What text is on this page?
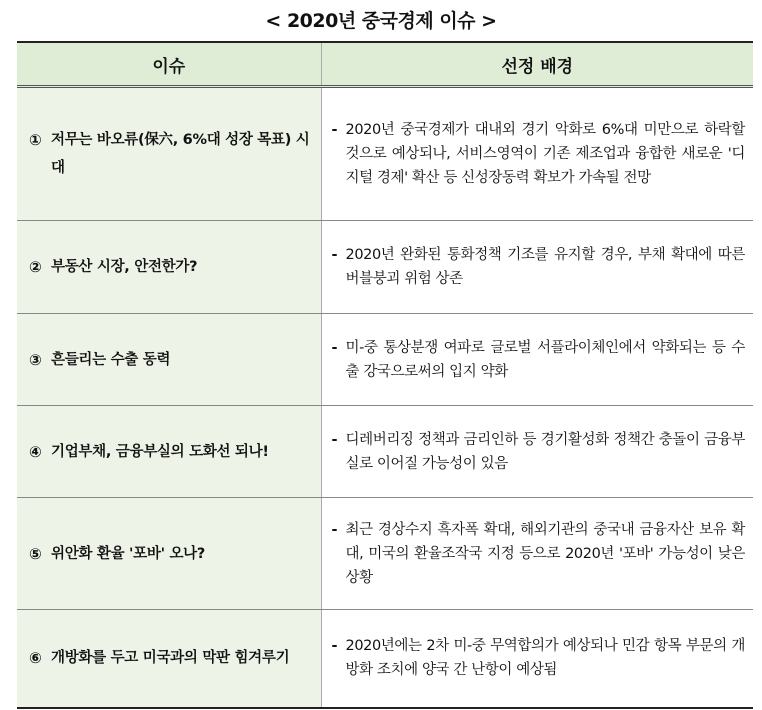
< 2020년 중국경제 이슈 >
이슈	선정 배경

① 저무는 바오류(保六, 6%대 성장 목표) 시대	- 2020년 중국경제가 대내외 경기 악화로 6%대 미만으로 하락할 것으로 예상되나, 서비스영역이 기존 제조업과 융합한 새로운 '디지털 경제' 확산 등 신성장동력 확보가 가속될 전망

② 부동산 시장, 안전한가?	- 2020년 완화된 통화정책 기조를 유지할 경우, 부채 확대에 따른 버블붕괴 위험 상존

③ 흔들리는 수출 동력	- 미-중 통상분쟁 여파로 글로벌 서플라이체인에서 약화되는 등 수출 강국으로써의 입지 약화

④ 기업부채, 금융부실의 도화선 되나!	- 디레버리징 정책과 금리인하 등 경기활성화 정책간 충돌이 금융부실로 이어질 가능성이 있음

⑤ 위안화 환율 '포바' 오나?	- 최근 경상수지 흑자폭 확대, 해외기관의 중국내 금융자산 보유 확대, 미국의 환율조작국 지정 등으로 2020년 '포바' 가능성이 낮은 상황

⑥ 개방화를 두고 미국과의 막판 힘겨루기	- 2020년에는 2차 미-중 무역합의가 예상되나 민감 항목 부문의 개방화 조치에 양국 간 난항이 예상됨
